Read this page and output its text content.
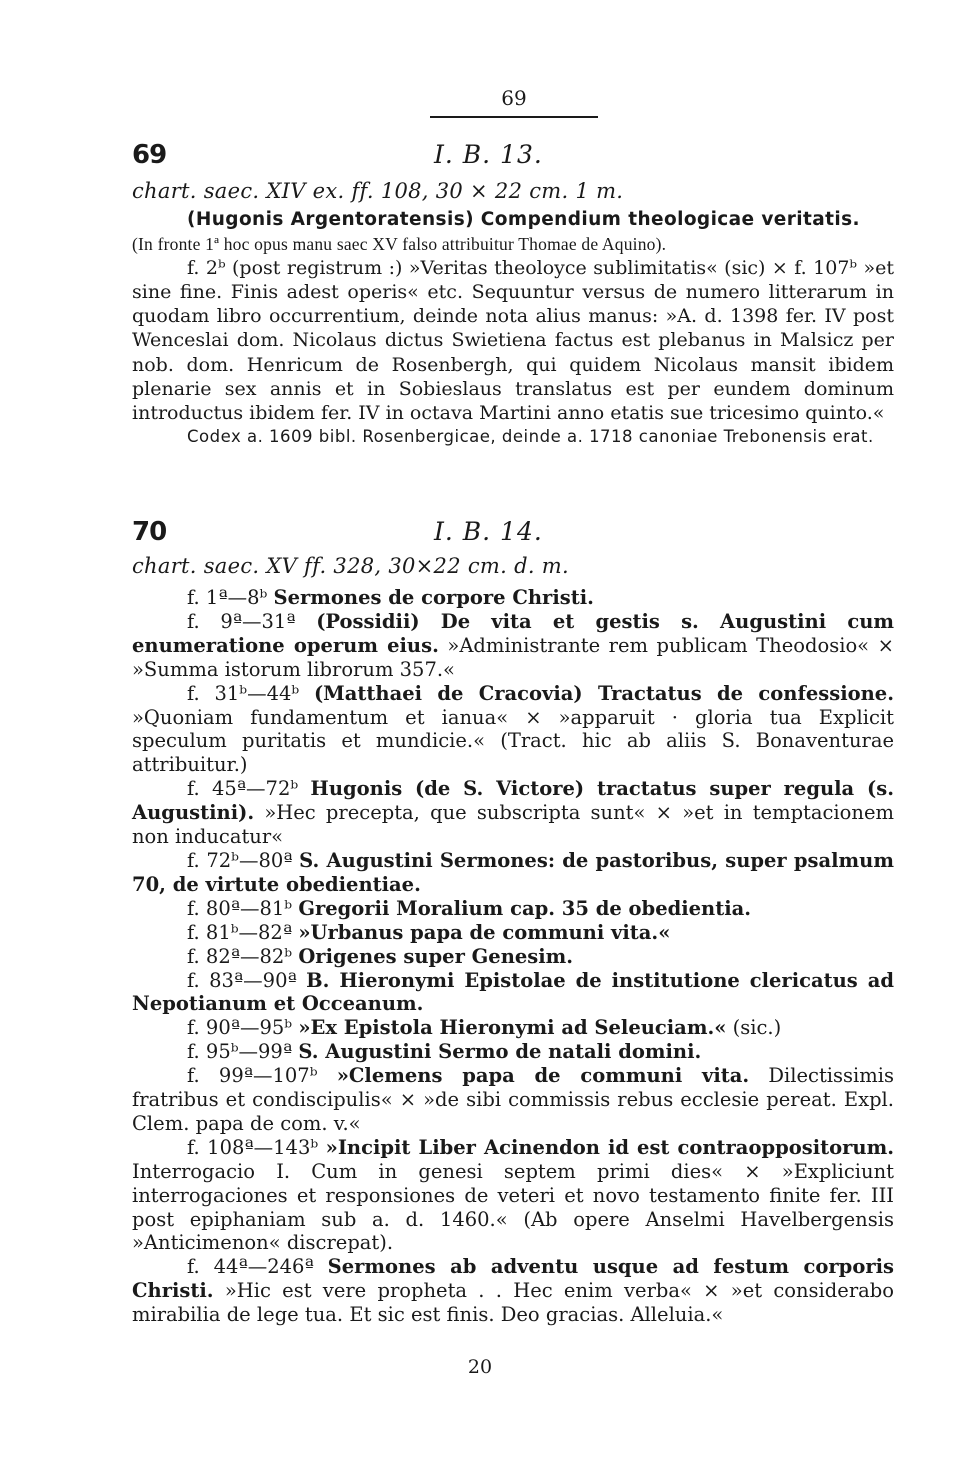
69
69	I. B. 13.
chart. saec. XIV ex. ff. 108, 30 × 22 cm. 1 m.

(Hugonis Argentoratensis) Compendium theologicae veritatis.

(In fronte 1ª hoc opus manu saec XV falso attribuitur Thomae de Aquino).

f. 2ᵇ (post registrum :) »Veritas theoloyce sublimitatis« (sic) × f. 107ᵇ »et sine fine. Finis adest operis« etc. Sequuntur versus de numero litterarum in quodam libro occurrentium, deinde nota alius manus: »A. d. 1398 fer. IV post Wenceslai dom. Nicolaus dictus Swietiena factus est plebanus in Malsicz per nob. dom. Henricum de Rosenbergh, qui quidem Nicolaus mansit ibidem plenarie sex annis et in Sobieslaus translatus est per eundem dominum introductus ibidem fer. IV in octava Martini anno etatis sue tricesimo quinto.«

Codex a. 1609 bibl. Rosenbergicae, deinde a. 1718 canoniae Trebonensis erat.

70	I. B. 14.
chart. saec. XV ff. 328, 30×22 cm. d. m.

f. 1ª—8ᵇ Sermones de corpore Christi.

f. 9ª—31ª (Possidii) De vita et gestis s. Augustini cum enumeratione operum eius. »Administrante rem publicam Theodosio« × »Summa istorum librorum 357.«

f. 31ᵇ—44ᵇ (Matthaei de Cracovia) Tractatus de confessione. »Quoniam fundamentum et ianua« × »apparuit · gloria tua Explicit speculum puritatis et mundicie.« (Tract. hic ab aliis S. Bonaventurae attribuitur.)

f. 45ª—72ᵇ Hugonis (de S. Victore) tractatus super regula (s. Augustini). »Hec precepta, que subscripta sunt« × »et in temptacionem non inducatur«

f. 72ᵇ—80ª S. Augustini Sermones: de pastoribus, super psalmum 70, de virtute obedientiae.

f. 80ª—81ᵇ Gregorii Moralium cap. 35 de obedientia.

f. 81ᵇ—82ª »Urbanus papa de communi vita.«

f. 82ª—82ᵇ Origenes super Genesim.

f. 83ª—90ª B. Hieronymi Epistolae de institutione clericatus ad Nepotianum et Occeanum.

f. 90ª—95ᵇ »Ex Epistola Hieronymi ad Seleuciam.« (sic.)

f. 95ᵇ—99ª S. Augustini Sermo de natali domini.

f. 99ª—107ᵇ »Clemens papa de communi vita. Dilectissimis fratribus et condiscipulis« × »de sibi commissis rebus ecclesie pereat. Expl. Clem. papa de com. v.«

f. 108ª—143ᵇ »Incipit Liber Acinendon id est contraoppositorum. Interrogacio I. Cum in genesi septem primi dies« × »Expliciunt interrogaciones et responsiones de veteri et novo testamento finite fer. III post epiphaniam sub a. d. 1460.« (Ab opere Anselmi Havelbergensis »Anticimenon« discrepat).

f. 44ª—246ª Sermones ab adventu usque ad festum corporis Christi. »Hic est vere propheta . . Hec enim verba« × »et considerabo mirabilia de lege tua. Et sic est finis. Deo gracias. Alleluia.«

20
